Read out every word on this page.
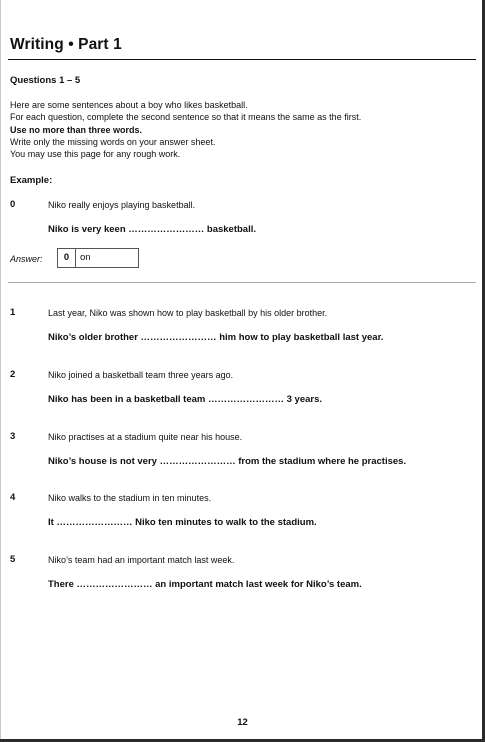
Writing • Part 1
Questions 1 – 5
Here are some sentences about a boy who likes basketball.
For each question, complete the second sentence so that it means the same as the first.
Use no more than three words.
Write only the missing words on your answer sheet.
You may use this page for any rough work.
Example:
0	Niko really enjoys playing basketball.
Niko is very keen …………………… basketball.
Answer:	0	on
1	Last year, Niko was shown how to play basketball by his older brother.
Niko’s older brother …………………… him how to play basketball last year.
2	Niko joined a basketball team three years ago.
Niko has been in a basketball team …………………… 3 years.
3	Niko practises at a stadium quite near his house.
Niko’s house is not very …………………… from the stadium where he practises.
4	Niko walks to the stadium in ten minutes.
It …………………… Niko ten minutes to walk to the stadium.
5	Niko’s team had an important match last week.
There …………………… an important match last week for Niko’s team.
12
